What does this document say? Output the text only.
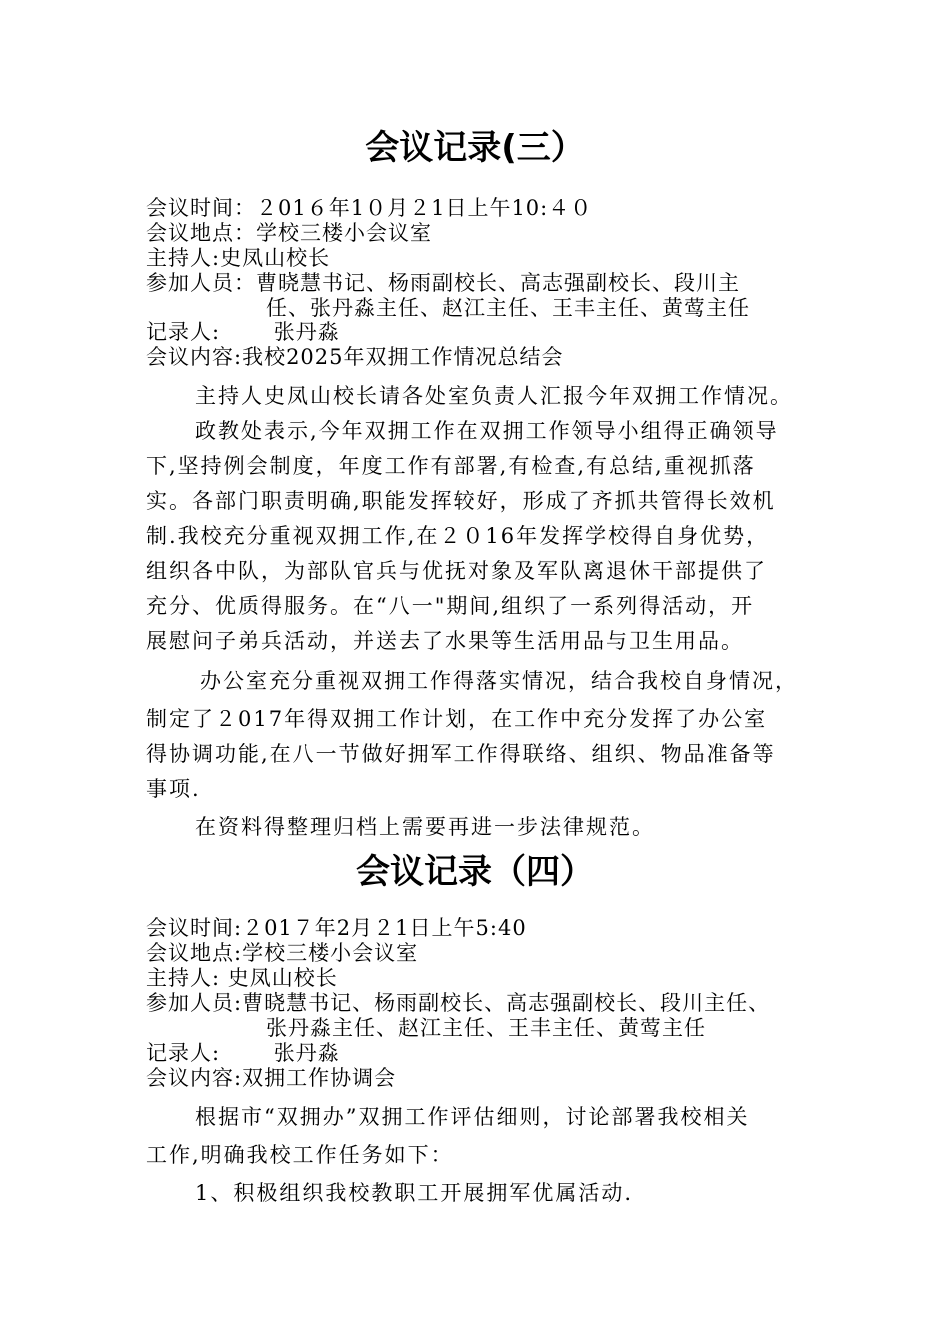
会议记录(三）
会议时间：２01６年1０月２1日上午10:４０
会议地点：学校三楼小会议室
主持人:史凤山校长
参加人员：曹晓慧书记、杨雨副校长、高志强副校长、段川主
任、张丹淼主任、赵江主任、王丰主任、黄莺主任
记录人:       张丹淼
会议内容:我校2025年双拥工作情况总结会
主持人史凤山校长请各处室负责人汇报今年双拥工作情况。
政教处表示,今年双拥工作在双拥工作领导小组得正确领导
下,坚持例会制度，年度工作有部署,有检查,有总结,重视抓落
实。各部门职责明确,职能发挥较好，形成了齐抓共管得长效机
制.我校充分重视双拥工作,在２０16年发挥学校得自身优势，
组织各中队，为部队官兵与优抚对象及军队离退休干部提供了
充分、优质得服务。在“八一"期间,组织了一系列得活动，开
展慰问子弟兵活动，并送去了水果等生活用品与卫生用品。
办公室充分重视双拥工作得落实情况，结合我校自身情况，
制定了２017年得双拥工作计划，在工作中充分发挥了办公室
得协调功能,在八一节做好拥军工作得联络、组织、物品准备等
事项.
在资料得整理归档上需要再进一步法律规范。
会议记录（四）
会议时间:２01７年2月２1日上午5:40
会议地点:学校三楼小会议室
主持人: 史凤山校长
参加人员:曹晓慧书记、杨雨副校长、高志强副校长、段川主任、
张丹淼主任、赵江主任、王丰主任、黄莺主任
记录人:       张丹淼
会议内容:双拥工作协调会
根据市“双拥办”双拥工作评估细则，讨论部署我校相关
工作,明确我校工作任务如下：
1、积极组织我校教职工开展拥军优属活动.
